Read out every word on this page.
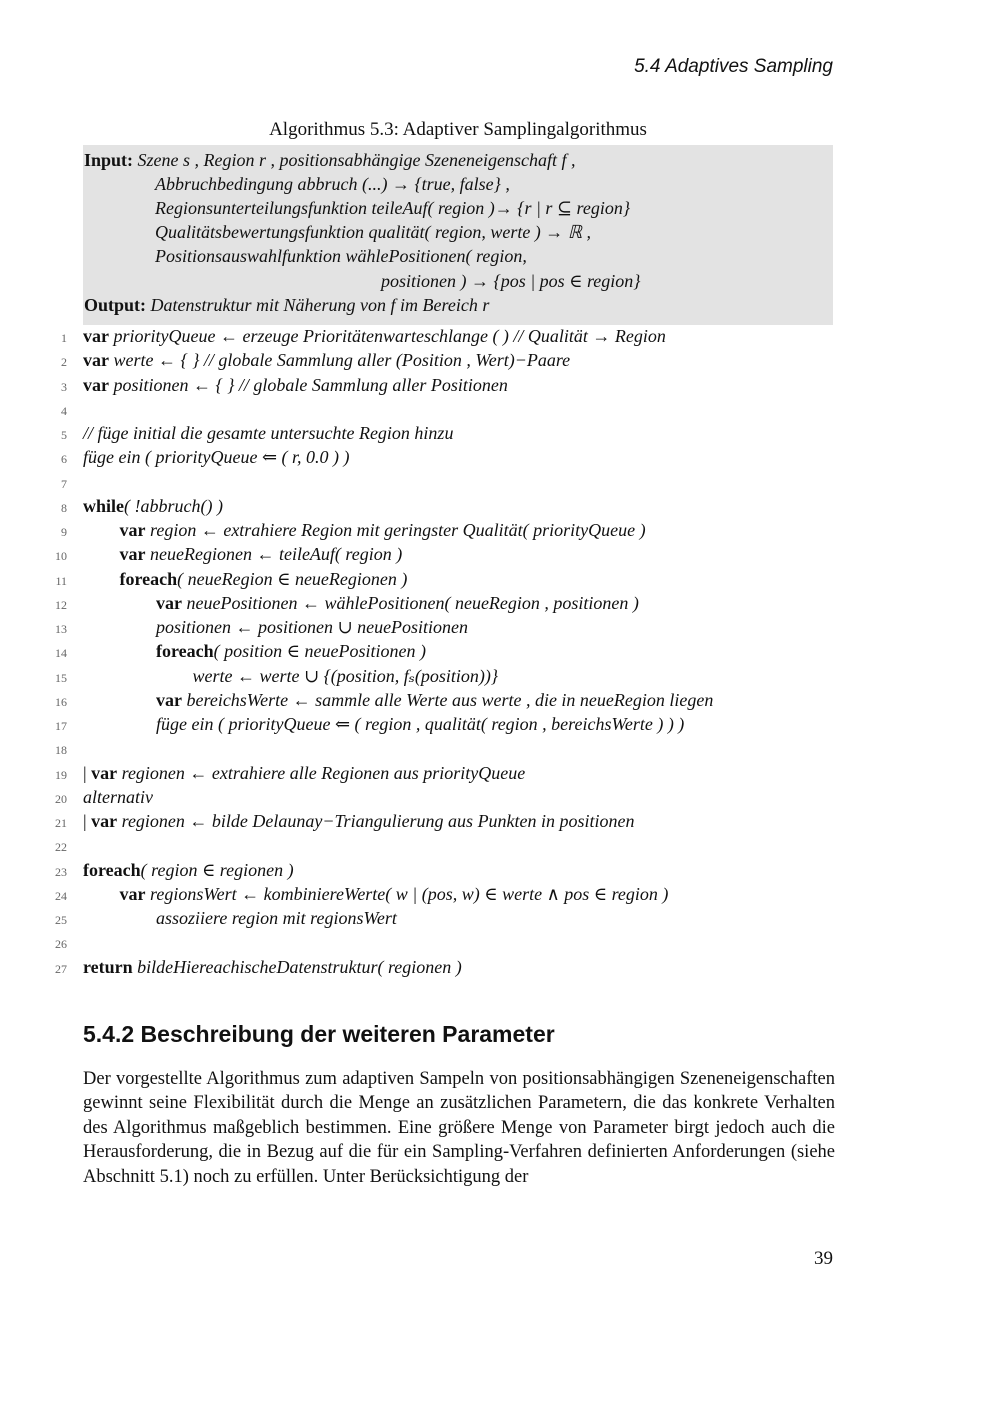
5.4 Adaptives Sampling
Algorithmus 5.3: Adaptiver Samplingalgorithmus
Input: Szene s , Region r , positionsabhängige Szeneneigenschaft f ,
Abbruchbedingung abbruch (...) → {true, false} ,
Regionsunterteilungsfunktion teileAuf( region )→ {r | r ⊆ region}
Qualitätsbewertungsfunktion qualität( region, werte ) → ℝ ,
Positionsauswahlfunktion wählePositionen( region,
positionen ) → {pos | pos ∈ region}
Output: Datenstruktur mit Näherung von f im Bereich r
1 var priorityQueue ← erzeuge Prioritätenwarteschlange ( ) // Qualität → Region
2 var werte ← { } // globale Sammlung aller (Position , Wert)−Paare
3 var positionen ← { } // globale Sammlung aller Positionen
4
5 // füge initial die gesamte untersuchte Region hinzu
6 füge ein ( priorityQueue ⇐ ( r, 0.0 ) )
7
8 while( !abbruch() )
9	var region ← extrahiere Region mit geringster Qualität( priorityQueue )
10	var neueRegionen ← teileAuf( region )
11	foreach( neueRegion ∈ neueRegionen )
12	var neuePositionen ← wählePositionen( neueRegion , positionen )
13	positionen ← positionen ∪ neuePositionen
14	foreach( position ∈ neuePositionen )
15	werte ← werte ∪ {(position, fₛ(position))}
16	var bereichsWerte ← sammle alle Werte aus werte , die in neueRegion liegen
17	füge ein ( priorityQueue ⇐ ( region , qualität( region , bereichsWerte ) ) )
18
19 | var regionen ← extrahiere alle Regionen aus priorityQueue
20 alternativ
21 | var regionen ← bilde Delaunay−Triangulierung aus Punkten in positionen
22
23 foreach( region ∈ regionen )
24	var regionsWert ← kombiniereWerte( w | (pos, w) ∈ werte ∧ pos ∈ region )
25	assoziiere region mit regionsWert
26
27 return bildeHiereachischeDatenstruktur( regionen )
5.4.2 Beschreibung der weiteren Parameter
Der vorgestellte Algorithmus zum adaptiven Sampeln von positionsabhängigen Szeneneigenschaften gewinnt seine Flexibilität durch die Menge an zusätzlichen Parametern, die das konkrete Verhalten des Algorithmus maßgeblich bestimmen. Eine größere Menge von Parameter birgt jedoch auch die Herausforderung, die in Bezug auf die für ein Sampling-Verfahren definierten Anforderungen (siehe Abschnitt 5.1) noch zu erfüllen. Unter Berücksichtigung der
39
